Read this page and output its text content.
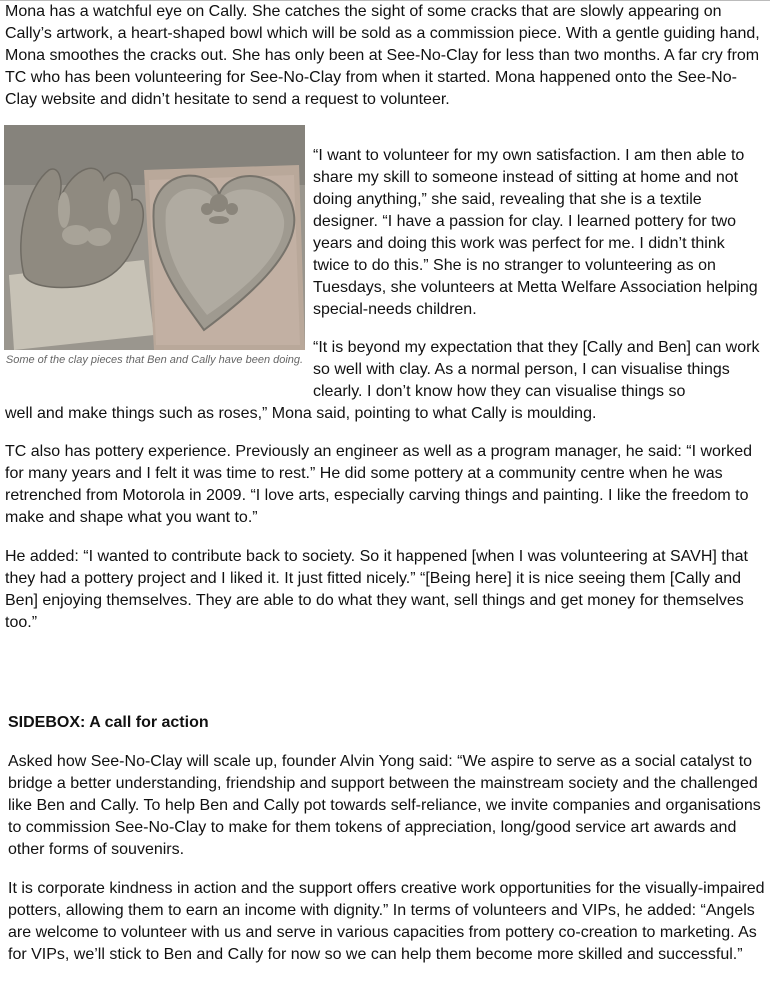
Mona has a watchful eye on Cally. She catches the sight of some cracks that are slowly appearing on Cally’s artwork, a heart-shaped bowl which will be sold as a commission piece. With a gentle guiding hand, Mona smoothes the cracks out. She has only been at See-No-Clay for less than two months. A far cry from TC who has been volunteering for See-No-Clay from when it started. Mona happened onto the See-No-Clay website and didn’t hesitate to send a request to volunteer.

Some of the clay pieces that Ben and Cally have been doing.

“I want to volunteer for my own satisfaction. I am then able to share my skill to someone instead of sitting at home and not doing anything,” she said, revealing that she is a textile designer. “I have a passion for clay. I learned pottery for two years and doing this work was perfect for me. I didn’t think twice to do this.” She is no stranger to volunteering as on Tuesdays, she volunteers at Metta Welfare Association helping special-needs children.

“It is beyond my expectation that they [Cally and Ben] can work so well with clay. As a normal person, I can visualise things clearly. I don’t know how they can visualise things so

well and make things such as roses,” Mona said, pointing to what Cally is moulding.

TC also has pottery experience. Previously an engineer as well as a program manager, he said: “I worked for many years and I felt it was time to rest.” He did some pottery at a community centre when he was retrenched from Motorola in 2009. “I love arts, especially carving things and painting. I like the freedom to make and shape what you want to.”

He added: “I wanted to contribute back to society. So it happened [when I was volunteering at SAVH] that they had a pottery project and I liked it. It just fitted nicely.” “[Being here] it is nice seeing them [Cally and Ben] enjoying themselves. They are able to do what they want, sell things and get money for themselves too.”

SIDEBOX: A call for action

Asked how See-No-Clay will scale up, founder Alvin Yong said: “We aspire to serve as a social catalyst to bridge a better understanding, friendship and support between the mainstream society and the challenged like Ben and Cally. To help Ben and Cally pot towards self-reliance, we invite companies and organisations to commission See-No-Clay to make for them tokens of appreciation, long/good service art awards and other forms of souvenirs.

It is corporate kindness in action and the support offers creative work opportunities for the visually-impaired potters, allowing them to earn an income with dignity.” In terms of volunteers and VIPs, he added: “Angels are welcome to volunteer with us and serve in various capacities from pottery co-creation to marketing. As for VIPs, we’ll stick to Ben and Cally for now so we can help them become more skilled and successful.”
